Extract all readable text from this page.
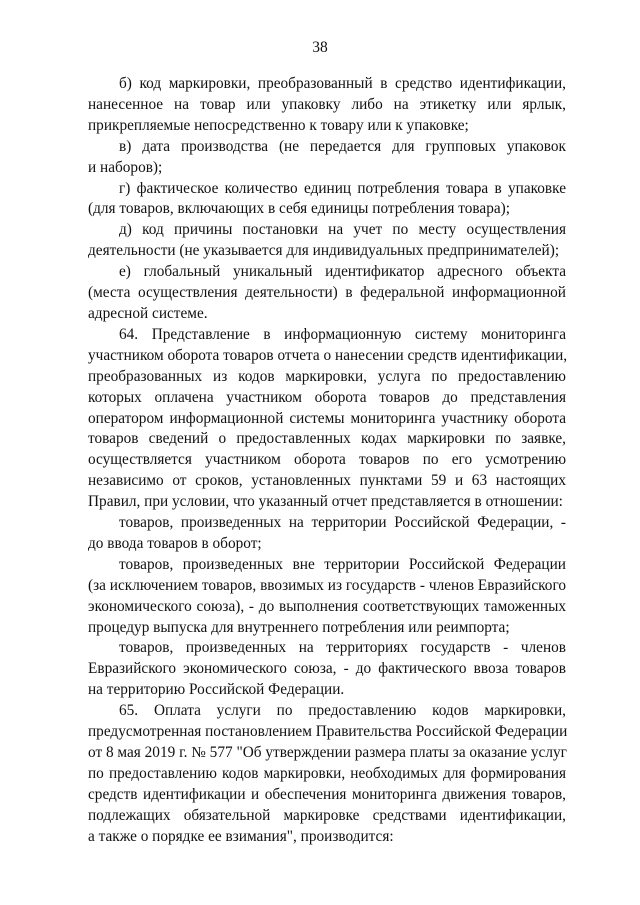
38

б) код маркировки, преобразованный в средство идентификации,
нанесенное на товар или упаковку либо на этикетку или ярлык,
прикрепляемые непосредственно к товару или к упаковке;

в) дата производства (не передается для групповых упаковок
и наборов);

г) фактическое количество единиц потребления товара в упаковке
(для товаров, включающих в себя единицы потребления товара);

д) код причины постановки на учет по месту осуществления
деятельности (не указывается для индивидуальных предпринимателей);

е) глобальный уникальный идентификатор адресного объекта
(места осуществления деятельности) в федеральной информационной
адресной системе.

64. Представление в информационную систему мониторинга
участником оборота товаров отчета о нанесении средств идентификации,
преобразованных из кодов маркировки, услуга по предоставлению
которых оплачена участником оборота товаров до представления
оператором информационной системы мониторинга участнику оборота
товаров сведений о предоставленных кодах маркировки по заявке,
осуществляется участником оборота товаров по его усмотрению
независимо от сроков, установленных пунктами 59 и 63 настоящих
Правил, при условии, что указанный отчет представляется в отношении:

товаров, произведенных на территории Российской Федерации, -
до ввода товаров в оборот;

товаров, произведенных вне территории Российской Федерации
(за исключением товаров, ввозимых из государств - членов Евразийского
экономического союза), - до выполнения соответствующих таможенных
процедур выпуска для внутреннего потребления или реимпорта;

товаров, произведенных на территориях государств - членов
Евразийского экономического союза, - до фактического ввоза товаров
на территорию Российской Федерации.

65. Оплата услуги по предоставлению кодов маркировки,
предусмотренная постановлением Правительства Российской Федерации
от 8 мая 2019 г. № 577 "Об утверждении размера платы за оказание услуг
по предоставлению кодов маркировки, необходимых для формирования
средств идентификации и обеспечения мониторинга движения товаров,
подлежащих обязательной маркировке средствами идентификации,
а также о порядке ее взимания", производится:
